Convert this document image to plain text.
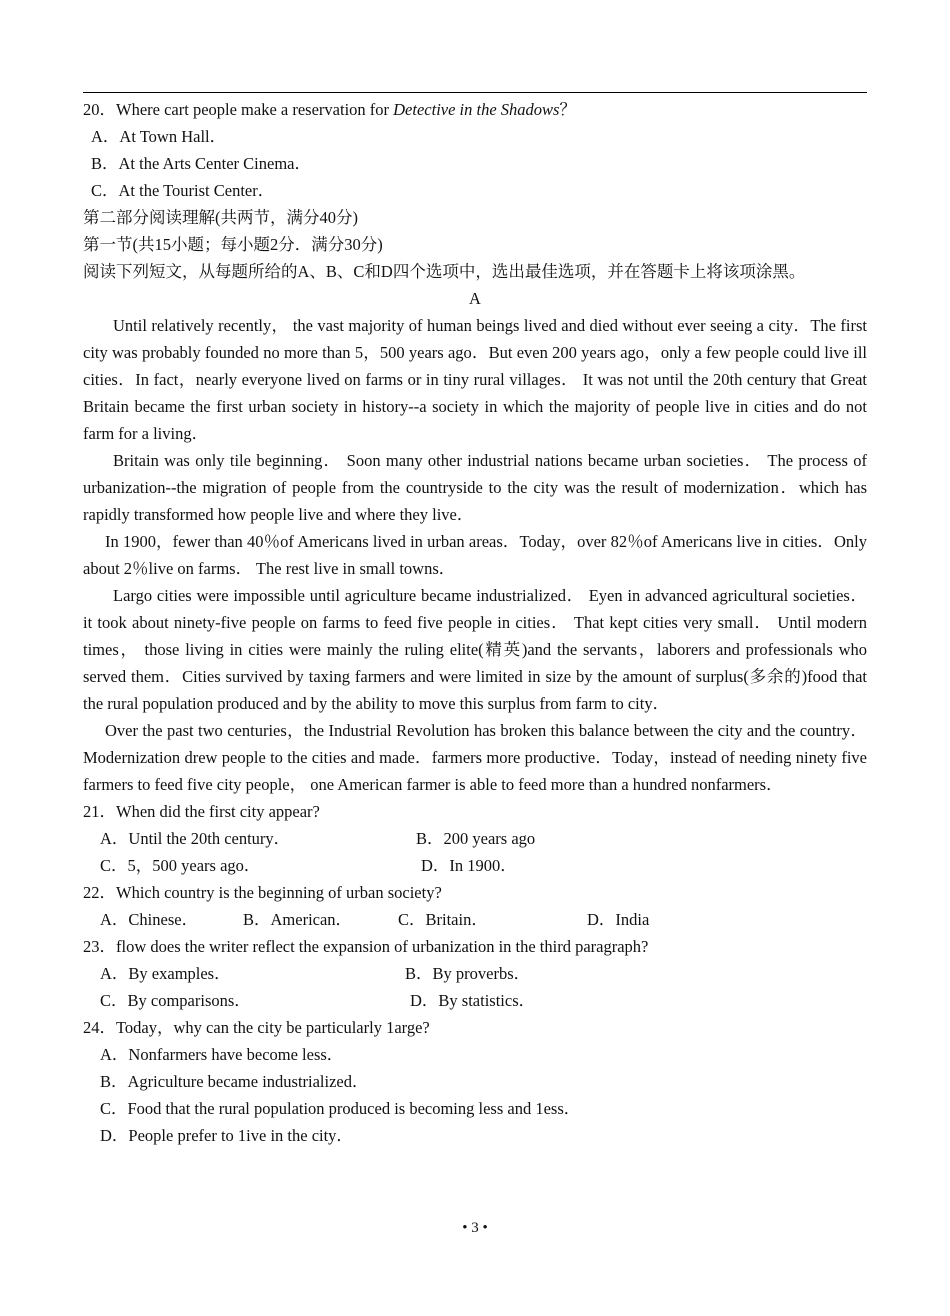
20．Where cart people make a reservation for Detective in the Shadows？
A．At Town Hall．
B．At the Arts Center Cinema．
C．At the Tourist Center．
第二部分阅读理解(共两节，满分40分)
第一节(共15小题；每小题2分．满分30分)

阅读下列短文，从每题所给的A、B、C和D四个选项中，选出最佳选项，并在答题卡上将该项涂黑。

A

Until relatively recently， the vast majority of human beings lived and died without ever seeing a city．The first city was probably founded no more than 5，500 years ago．But even 200 years ago，only a few people could live ill cities．In fact，nearly everyone lived on farms or in tiny rural villages． It was not until the 20th century that Great Britain became the first urban society in history--a society in which the majority of people live in cities and do not farm for a living．

Britain was only tile beginning． Soon many other industrial nations became urban societies． The process of urbanization--the migration of people from the countryside to the city was the result of modernization．which has rapidly transformed how people live and where they live．

In 1900，fewer than 40％of Americans lived in urban areas．Today，over 82％of Americans live in cities．Only about 2％live on farms． The rest live in small towns．

Largo cities were impossible until agriculture became industrialized． Eyen in advanced agricultural societies． it took about ninety-five people on farms to feed five people in cities． That kept cities very small． Until modern times， those living in cities were mainly the ruling elite(精英)and the servants，laborers and professionals who served them．Cities survived by taxing farmers and were limited in size by the amount of surplus(多余的)food that the rural population produced and by the ability to move this surplus from farm to city．

Over the past two centuries，the Industrial Revolution has broken this balance between the city and the country．Modernization drew people to the cities and made．farmers more productive．Today，instead of needing ninety five farmers to feed five city people， one American farmer is able to feed more than a hundred nonfarmers．

21．When did the first city appear?
A．Until the 20th century．	B．200 years ago
C．5，500 years ago．	D．In 1900．
22．Which country is the beginning of urban society?
A．Chinese．	B．American．	C．Britain．	D．India
23．flow does the writer reflect the expansion of urbanization in the third paragraph?
A．By examples．	B．By proverbs．
C．By comparisons．	D．By statistics．
24．Today，why can the city be particularly 1arge?
A．Nonfarmers have become less．
B．Agriculture became industrialized．
C．Food that the rural population produced is becoming less and 1ess．
D．People prefer to 1ive in the city．
• 3 •
